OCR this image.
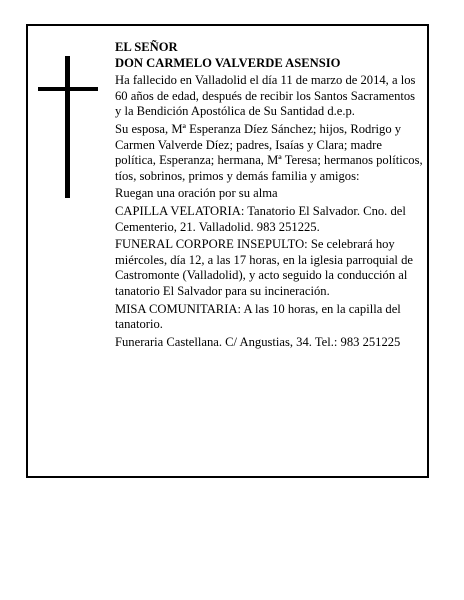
EL SEÑOR
DON CARMELO VALVERDE ASENSIO

Ha fallecido en Valladolid el día 11 de marzo de 2014, a los 60 años de edad, después de recibir los Santos Sacramentos y la Bendición Apostólica de Su Santidad d.e.p.

Su esposa, Mª Esperanza Díez Sánchez; hijos, Rodrigo y Carmen Valverde Díez; padres, Isaías y Clara; madre política, Esperanza; hermana, Mª Teresa; hermanos políticos, tíos, sobrinos, primos y demás familia y amigos:

Ruegan una oración por su alma

CAPILLA VELATORIA: Tanatorio El Salvador. Cno. del Cementerio, 21. Valladolid. 983 251225.

FUNERAL CORPORE INSEPULTO: Se celebrará hoy miércoles, día 12, a las 17 horas, en la iglesia parroquial de Castromonte (Valladolid), y acto seguido la conducción al tanatorio El Salvador para su incineración.

MISA COMUNITARIA: A las 10 horas, en la capilla del tanatorio.

Funeraria Castellana. C/ Angustias, 34. Tel.: 983 251225
